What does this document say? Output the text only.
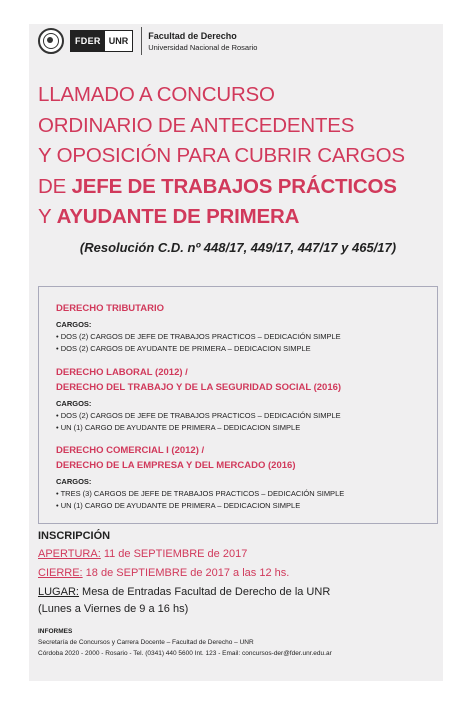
FDER UNR
Facultad de Derecho
Universidad Nacional de Rosario
LLAMADO A CONCURSO
ORDINARIO DE ANTECEDENTES
Y OPOSICIÓN PARA CUBRIR CARGOS
DE JEFE DE TRABAJOS PRÁCTICOS
Y AYUDANTE DE PRIMERA
(Resolución C.D. nº 448/17, 449/17, 447/17 y 465/17)
DERECHO TRIBUTARIO
CARGOS:
• DOS (2) CARGOS DE JEFE DE TRABAJOS PRACTICOS – DEDICACIÓN SIMPLE
• DOS (2) CARGOS DE AYUDANTE DE PRIMERA – DEDICACION SIMPLE
DERECHO LABORAL (2012) /
DERECHO DEL TRABAJO Y DE LA SEGURIDAD SOCIAL (2016)
CARGOS:
• DOS (2) CARGOS DE JEFE DE TRABAJOS PRACTICOS – DEDICACIÓN SIMPLE
• UN (1) CARGO DE AYUDANTE DE PRIMERA – DEDICACION SIMPLE
DERECHO COMERCIAL I (2012) /
DERECHO DE LA EMPRESA Y DEL MERCADO (2016)
CARGOS:
• TRES (3) CARGOS DE JEFE DE TRABAJOS PRACTICOS – DEDICACIÓN SIMPLE
• UN (1) CARGO DE AYUDANTE DE PRIMERA – DEDICACION SIMPLE
INSCRIPCIÓN
APERTURA: 11 de SEPTIEMBRE de 2017
CIERRE: 18 de SEPTIEMBRE de 2017 a las 12 hs.
LUGAR: Mesa de Entradas Facultad de Derecho de la UNR
(Lunes a Viernes de 9 a 16 hs)
INFORMES
Secretaría de Concursos y Carrera Docente – Facultad de Derecho – UNR
Córdoba 2020 - 2000 - Rosario - Tel. (0341) 440 5600 Int. 123 - Email: concursos-der@fder.unr.edu.ar
